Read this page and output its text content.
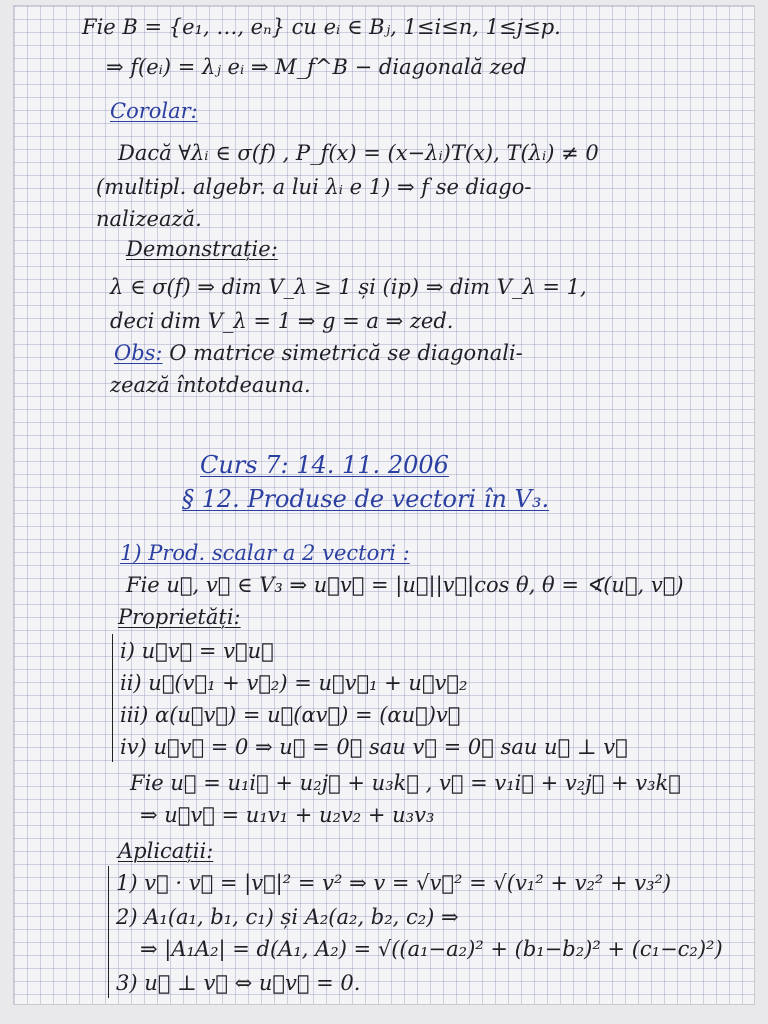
Fie B = {e₁, …, eₙ} cu eᵢ ∈ Bⱼ, 1≤i≤n, 1≤j≤p.
⇒ f(eᵢ) = λⱼ eᵢ ⇒ M_f^B − diagonală zed
Corolar:
Dacă ∀λᵢ ∈ σ(f) , P_f(x) = (x−λᵢ)T(x), T(λᵢ) ≠ 0
(multipl. algebr. a lui λᵢ e 1) ⇒ f se diago-
nalizează.
Demonstrație:
λ ∈ σ(f) ⇒ dim V_λ ≥ 1 și (ip) ⇒ dim V_λ = 1,
deci dim V_λ = 1 ⇒ g = a ⇒ zed.
Obs: O matrice simetrică se diagonali-
zează întotdeauna.
Curs 7: 14. 11. 2006
§ 12. Produse de vectori în V₃.
1) Prod. scalar a 2 vectori :
Fie u⃗, v⃗ ∈ V₃ ⇒ u⃗v⃗ = |u⃗||v⃗|cos θ, θ = ∢(u⃗, v⃗)
Proprietăți:
i) u⃗v⃗ = v⃗u⃗
ii) u⃗(v⃗₁ + v⃗₂) = u⃗v⃗₁ + u⃗v⃗₂
iii) α(u⃗v⃗) = u⃗(αv⃗) = (αu⃗)v⃗
iv) u⃗v⃗ = 0 ⇒ u⃗ = 0⃗ sau v⃗ = 0⃗ sau u⃗ ⊥ v⃗
Fie u⃗ = u₁i⃗ + u₂j⃗ + u₃k⃗ , v⃗ = v₁i⃗ + v₂j⃗ + v₃k⃗
⇒ u⃗v⃗ = u₁v₁ + u₂v₂ + u₃v₃
Aplicații:
1) v⃗ · v⃗ = |v⃗|² = v² ⇒ v = √v⃗² = √(v₁² + v₂² + v₃²)
2) A₁(a₁, b₁, c₁) și A₂(a₂, b₂, c₂) ⇒
⇒ |A₁A₂| = d(A₁, A₂) = √((a₁−a₂)² + (b₁−b₂)² + (c₁−c₂)²)
3) u⃗ ⊥ v⃗ ⇔ u⃗v⃗ = 0.
